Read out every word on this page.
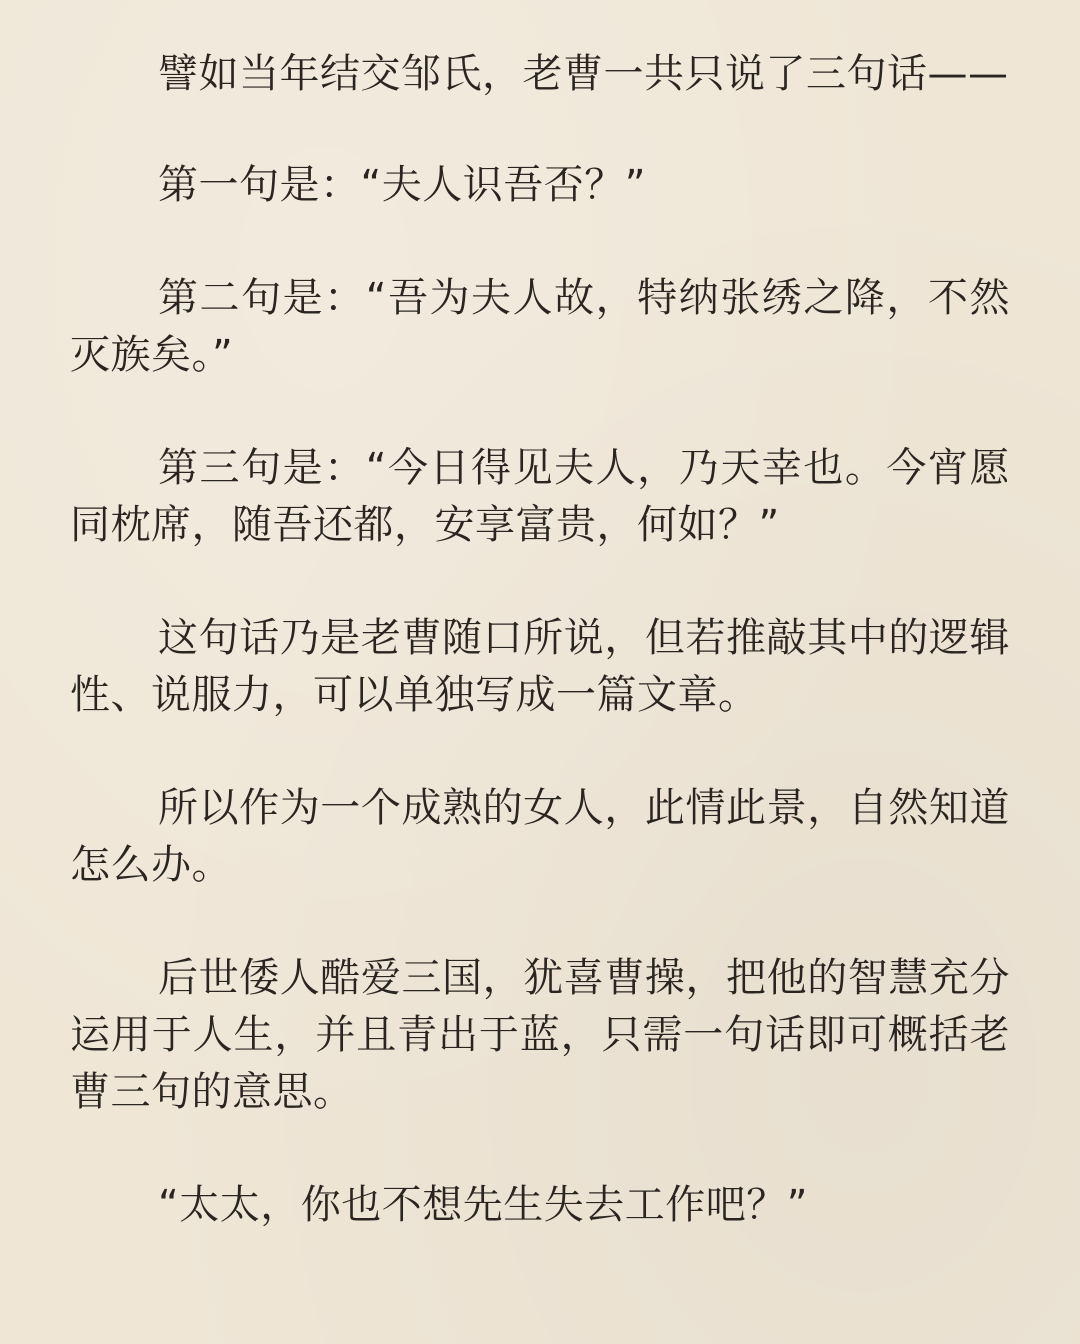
譬如当年结交邹氏，老曹一共只说了三句话——

第一句是：“夫人识吾否？”

第二句是：“吾为夫人故，特纳张绣之降，不然灭族矣。”

第三句是：“今日得见夫人，乃天幸也。今宵愿同枕席，随吾还都，安享富贵，何如？”

这句话乃是老曹随口所说，但若推敲其中的逻辑性、说服力，可以单独写成一篇文章。

所以作为一个成熟的女人，此情此景，自然知道怎么办。

后世倭人酷爱三国，犹喜曹操，把他的智慧充分运用于人生，并且青出于蓝，只需一句话即可概括老曹三句的意思。

“太太，你也不想先生失去工作吧？”
